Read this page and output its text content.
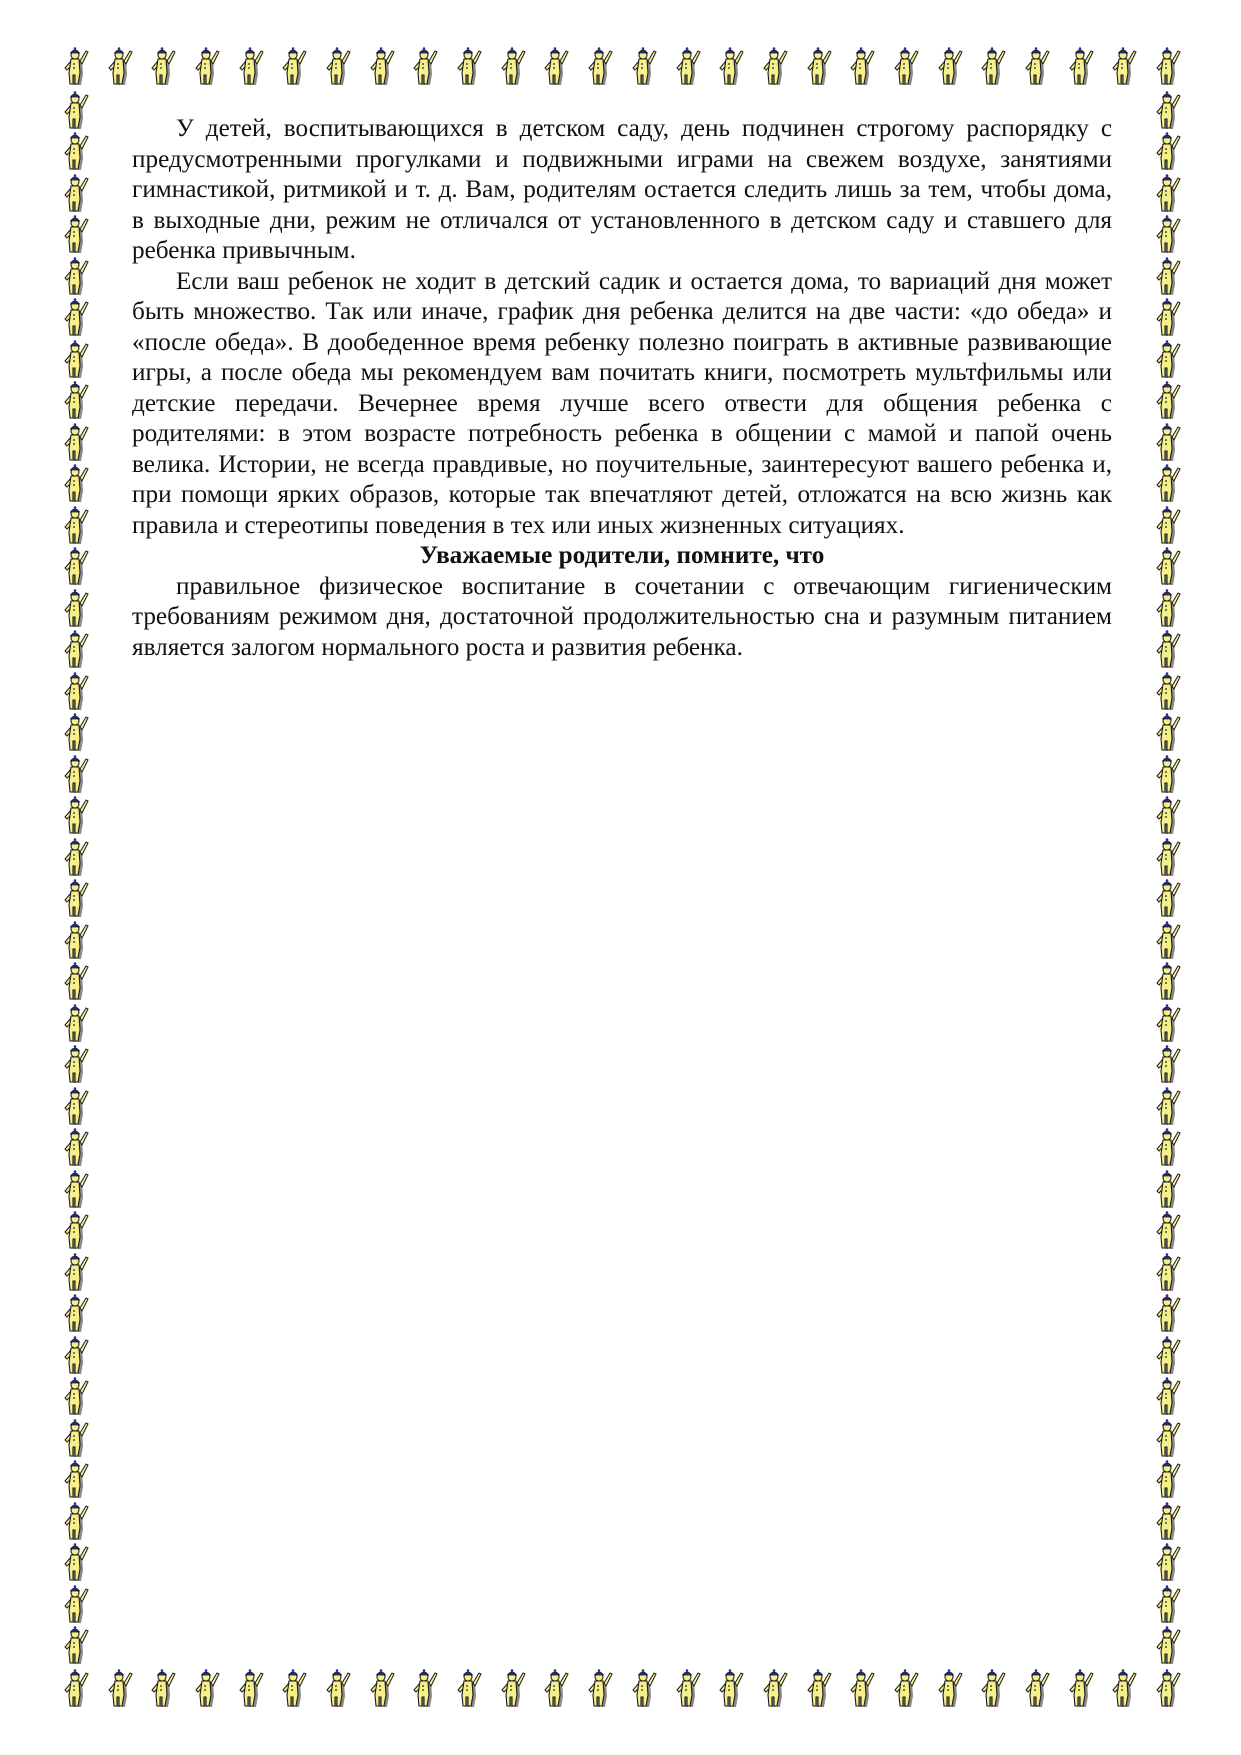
У детей, воспитывающихся в детском саду, день подчинен строгому распорядку с предусмотренными прогулками и подвижными играми на свежем воздухе, занятиями гимнастикой, ритмикой и т. д. Вам, родителям остается следить лишь за тем, чтобы дома, в выходные дни, режим не отличался от установленного в детском саду и ставшего для ребенка привычным.

Если ваш ребенок не ходит в детский садик и остается дома, то вариаций дня может быть множество. Так или иначе, график дня ребенка делится на две части: «до обеда» и «после обеда». В дообеденное время ребенку полезно поиграть в активные развивающие игры, а после обеда мы рекомендуем вам почитать книги, посмотреть мультфильмы или детские передачи. Вечернее время лучше всего отвести для общения ребенка с родителями: в этом возрасте потребность ребенка в общении с мамой и папой очень велика. Истории, не всегда правдивые, но поучительные, заинтересуют вашего ребенка и, при помощи ярких образов, которые так впечатляют детей, отложатся на всю жизнь как правила и стереотипы поведения в тех или иных жизненных ситуациях.

Уважаемые родители, помните, что

правильное физическое воспитание в сочетании с отвечающим гигиеническим требованиям режимом дня, достаточной продолжительностью сна и разумным питанием является залогом нормального роста и развития ребенка.
